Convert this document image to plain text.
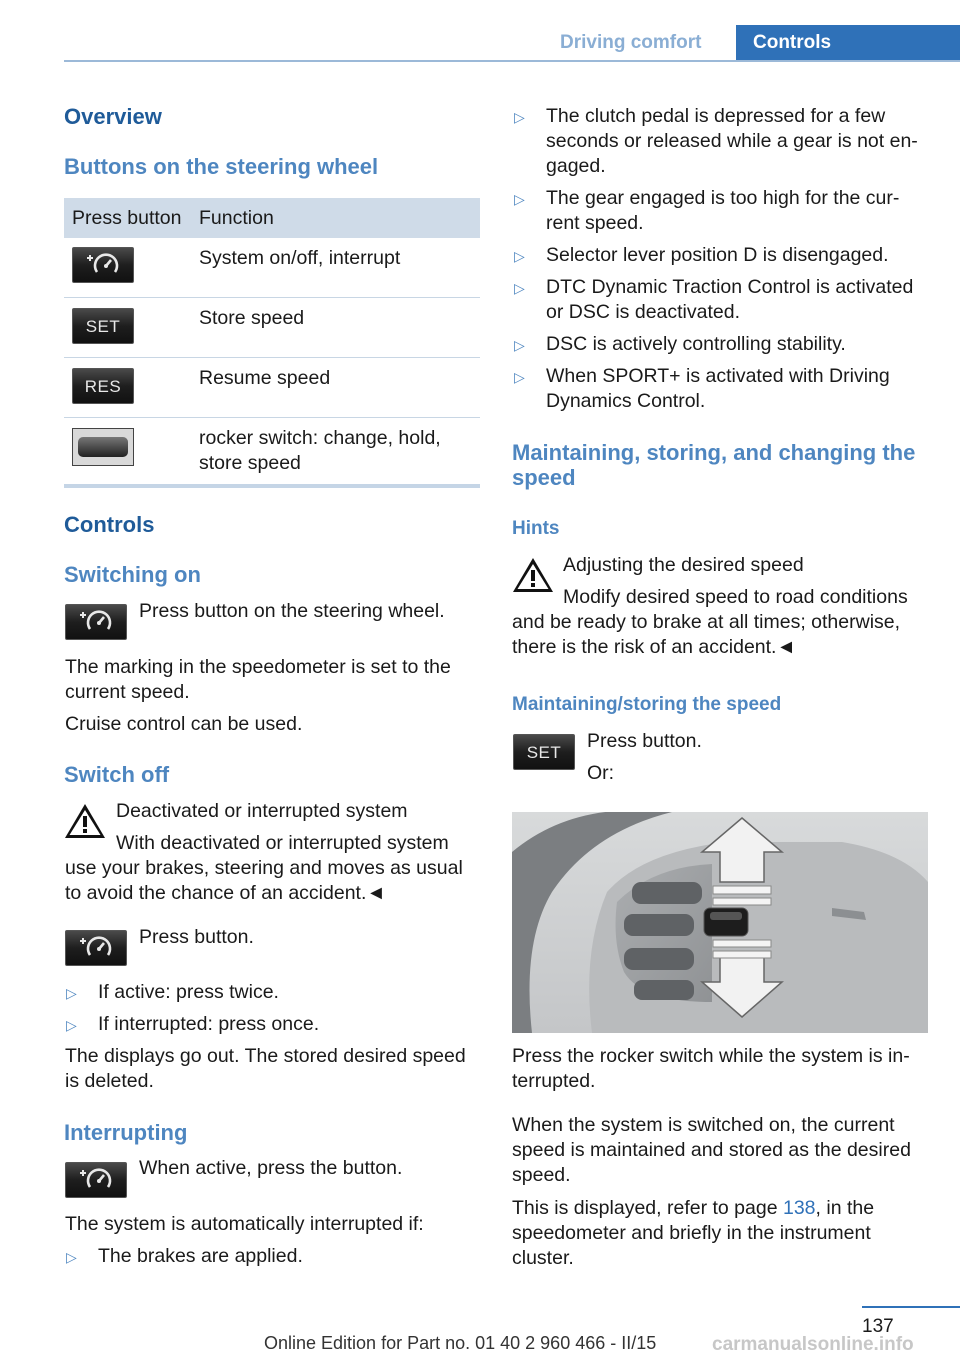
Driving comfort	Controls
Overview
Buttons on the steering wheel
Press button Function
System on/off, interrupt
SET	Store speed
RES	Resume speed
rocker switch: change, hold,
store speed
Controls
Switching on
Press button on the steering wheel.
The marking in the speedometer is set to the
current speed.
Cruise control can be used.
Switch off
Deactivated or interrupted system
With deactivated or interrupted system
use your brakes, steering and moves as usual
to avoid the chance of an accident.◄
Press button.
▷ If active: press twice.
▷ If interrupted: press once.
The displays go out. The stored desired speed
is deleted.
Interrupting
When active, press the button.
The system is automatically interrupted if:
▷ The brakes are applied.
▷ The clutch pedal is depressed for a few
seconds or released while a gear is not en‐
gaged.
▷ The gear engaged is too high for the cur‐
rent speed.
▷ Selector lever position D is disengaged.
▷ DTC Dynamic Traction Control is activated
or DSC is deactivated.
▷ DSC is actively controlling stability.
▷ When SPORT+ is activated with Driving
Dynamics Control.
Maintaining, storing, and changing the
speed
Hints
Adjusting the desired speed
Modify desired speed to road conditions
and be ready to brake at all times; otherwise,
there is the risk of an accident.◄
Maintaining/storing the speed
SET
Press button.
Or:
Press the rocker switch while the system is in‐
terrupted.
When the system is switched on, the current
speed is maintained and stored as the desired
speed.
This is displayed, refer to page 138, in the
speedometer and briefly in the instrument
cluster.
137
Online Edition for Part no. 01 40 2 960 466 - II/15	carmanualsonline.info
